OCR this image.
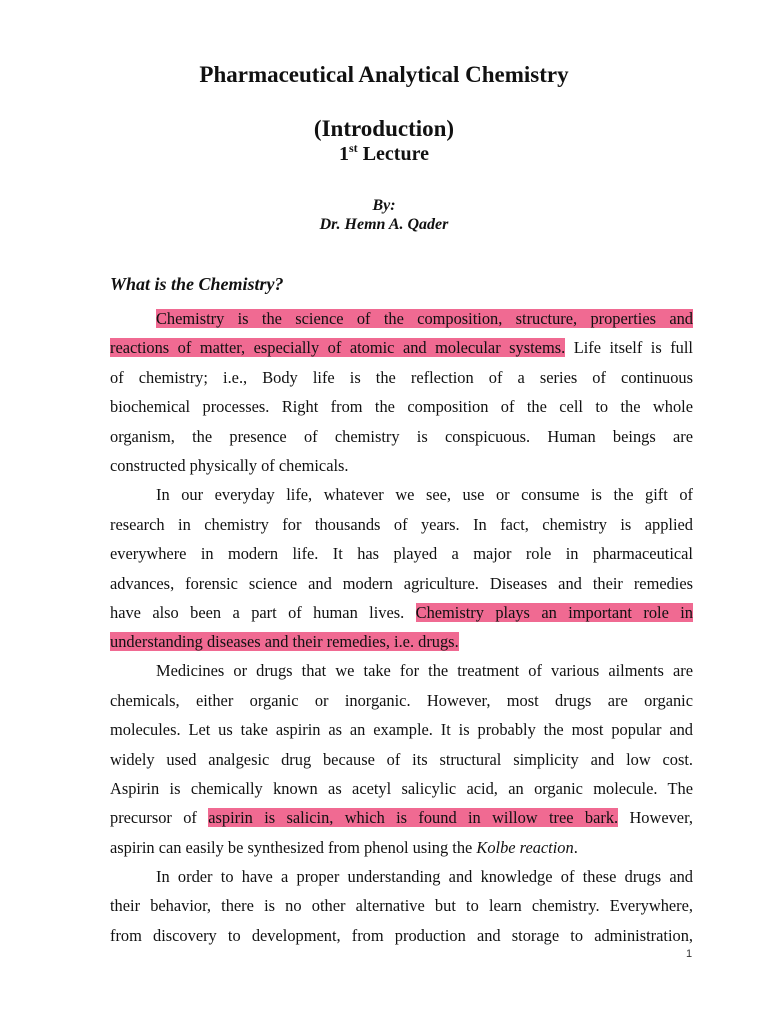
Pharmaceutical Analytical Chemistry
(Introduction)
1st Lecture
By:
Dr. Hemn A. Qader
What is the Chemistry?
Chemistry is the science of the composition, structure, properties and
reactions of matter, especially of atomic and molecular systems. Life itself is full
of chemistry; i.e., Body life is the reflection of a series of continuous
biochemical processes. Right from the composition of the cell to the whole
organism, the presence of chemistry is conspicuous. Human beings are
constructed physically of chemicals.
In our everyday life, whatever we see, use or consume is the gift of
research in chemistry for thousands of years. In fact, chemistry is applied
everywhere in modern life. It has played a major role in pharmaceutical
advances, forensic science and modern agriculture. Diseases and their remedies
have also been a part of human lives. Chemistry plays an important role in
understanding diseases and their remedies, i.e. drugs.
Medicines or drugs that we take for the treatment of various ailments are
chemicals, either organic or inorganic. However, most drugs are organic
molecules. Let us take aspirin as an example. It is probably the most popular and
widely used analgesic drug because of its structural simplicity and low cost.
Aspirin is chemically known as acetyl salicylic acid, an organic molecule. The
precursor of aspirin is salicin, which is found in willow tree bark. However,
aspirin can easily be synthesized from phenol using the Kolbe reaction.
In order to have a proper understanding and knowledge of these drugs and
their behavior, there is no other alternative but to learn chemistry. Everywhere,
from discovery to development, from production and storage to administration,
1
